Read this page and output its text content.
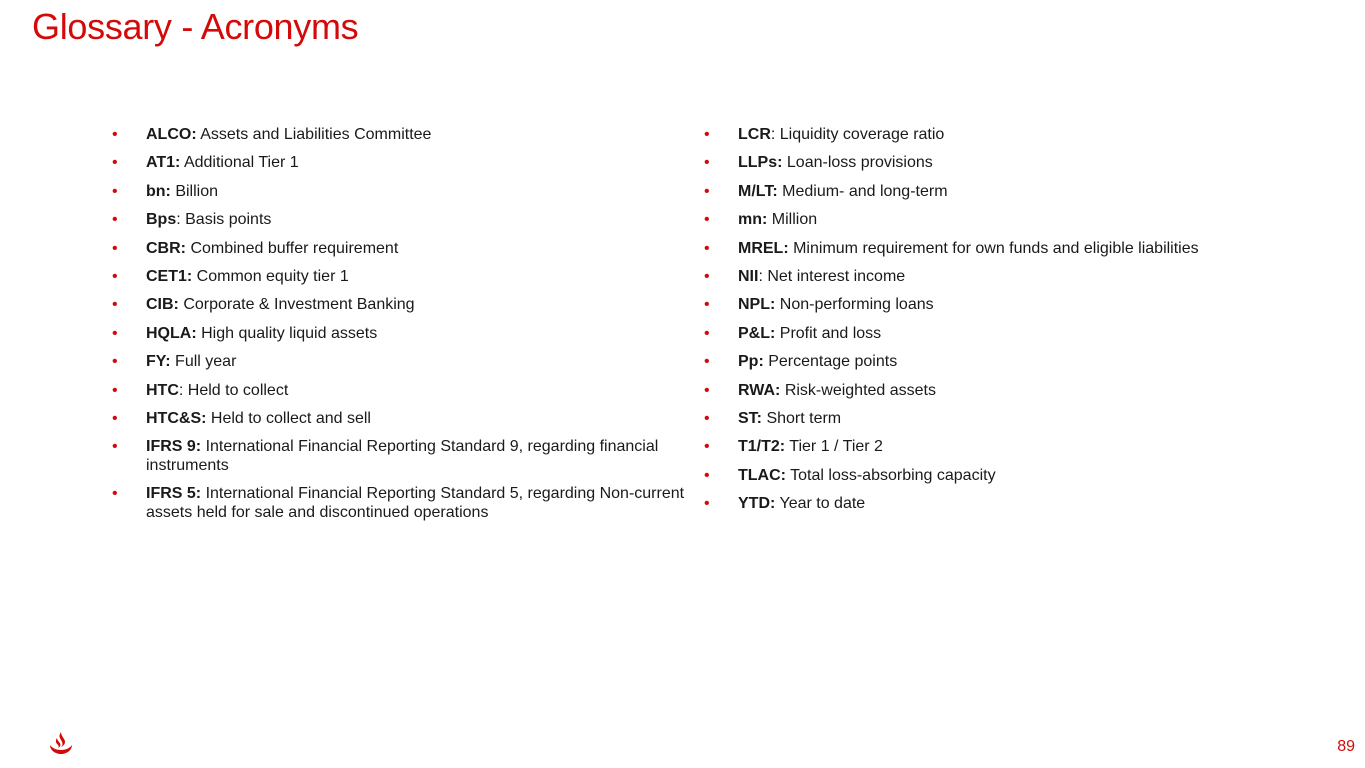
Glossary - Acronyms
• ALCO: Assets and Liabilities Committee
• AT1: Additional Tier 1
• bn: Billion
• Bps: Basis points
• CBR: Combined buffer requirement
• CET1: Common equity tier 1
• CIB: Corporate & Investment Banking
• HQLA: High quality liquid assets
• FY: Full year
• HTC: Held to collect
• HTC&S: Held to collect and sell
• IFRS 9: International Financial Reporting Standard 9, regarding financial instruments
• IFRS 5: International Financial Reporting Standard 5, regarding Non-current assets held for sale and discontinued operations
• LCR: Liquidity coverage ratio
• LLPs: Loan-loss provisions
• M/LT: Medium- and long-term
• mn: Million
• MREL: Minimum requirement for own funds and eligible liabilities
• NII: Net interest income
• NPL: Non-performing loans
• P&L: Profit and loss
• Pp: Percentage points
• RWA: Risk-weighted assets
• ST: Short term
• T1/T2: Tier 1 / Tier 2
• TLAC: Total loss-absorbing capacity
• YTD: Year to date
89
